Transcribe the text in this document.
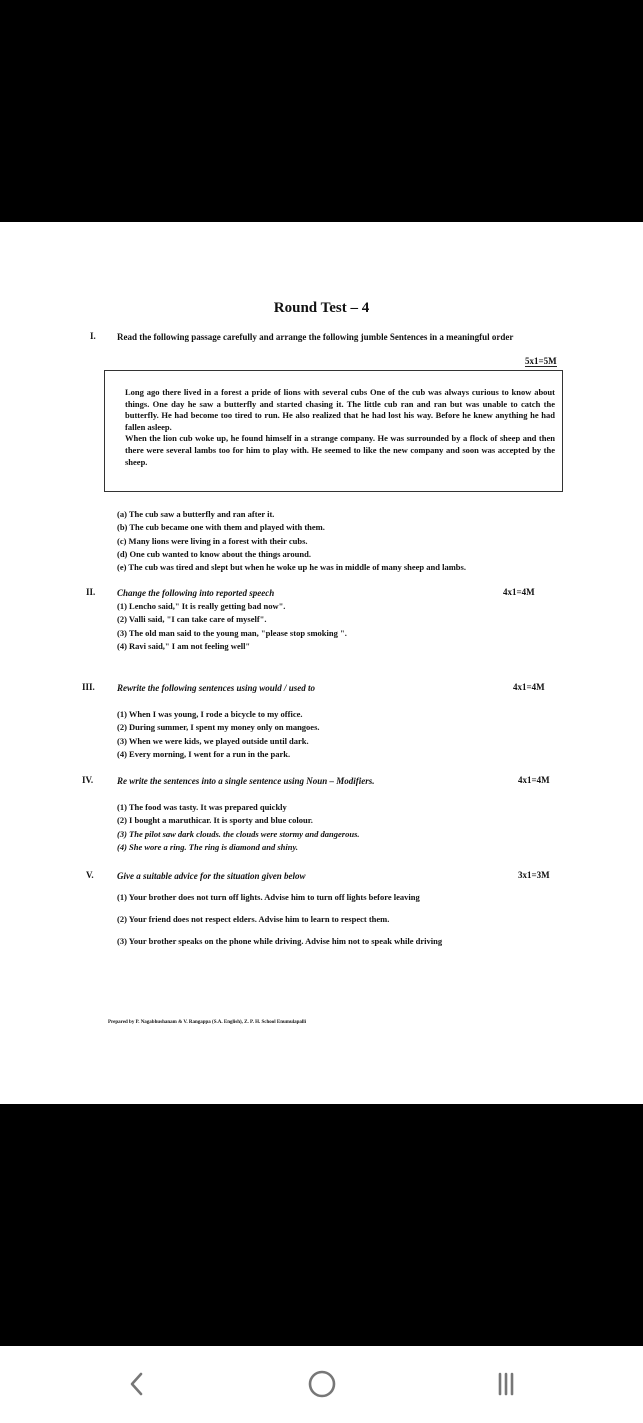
Round Test – 4
I.	Read the following passage carefully and arrange the following jumble Sentences in a meaningful order
5x1=5M

Long ago there lived in a forest a pride of lions with several cubs One of the cub was always curious to know about things. One day he saw a butterfly and started chasing it. The little cub ran and ran but was unable to catch the butterfly. He had become too tired to run. He also realized that he had lost his way. Before he knew anything he had fallen asleep.

When the lion cub woke up, he found himself in a strange company. He was surrounded by a flock of sheep and then there were several lambs too for him to play with. He seemed to like the new company and soon was accepted by the sheep.

(a) The cub saw a butterfly and ran after it.
(b) The cub became one with them and played with them.
(c) Many lions were living in a forest with their cubs.
(d) One cub wanted to know about the things around.
(e) The cub was tired and slept but when he woke up he was in middle of many sheep and lambs.
II.	Change the following into reported speech	4x1=4M
(1) Lencho said," It is really getting bad now".
(2) Valli said, "I can take care of myself".
(3) The old man said to the young man, "please stop smoking ".
(4) Ravi said," I am not feeling well"
III.	Rewrite the following sentences using would / used to	4x1=4M
(1) When I was young, I rode a bicycle to my office.
(2) During summer, I spent my money only on mangoes.
(3) When we were kids, we played outside until dark.
(4) Every morning, I went for a run in the park.
IV.	Re write the sentences into a single sentence using Noun – Modifiers.	4x1=4M
(1) The food was tasty. It was prepared quickly
(2) I bought a maruthicar. It is sporty and blue colour.
(3) The pilot saw dark clouds. the clouds were stormy and dangerous.
(4) She wore a ring. The ring is diamond and shiny.
V.	Give a suitable advice for the situation given below	3x1=3M
(1) Your brother does not turn off lights. Advise him to turn off lights before leaving
(2) Your friend does not respect elders. Advise him to learn to respect them.
(3) Your brother speaks on the phone while driving. Advise him not to speak while driving
Prepared by P. Nagabhushanam & V. Rangappa (S.A. English), Z. P. H. School Enumulapalli
